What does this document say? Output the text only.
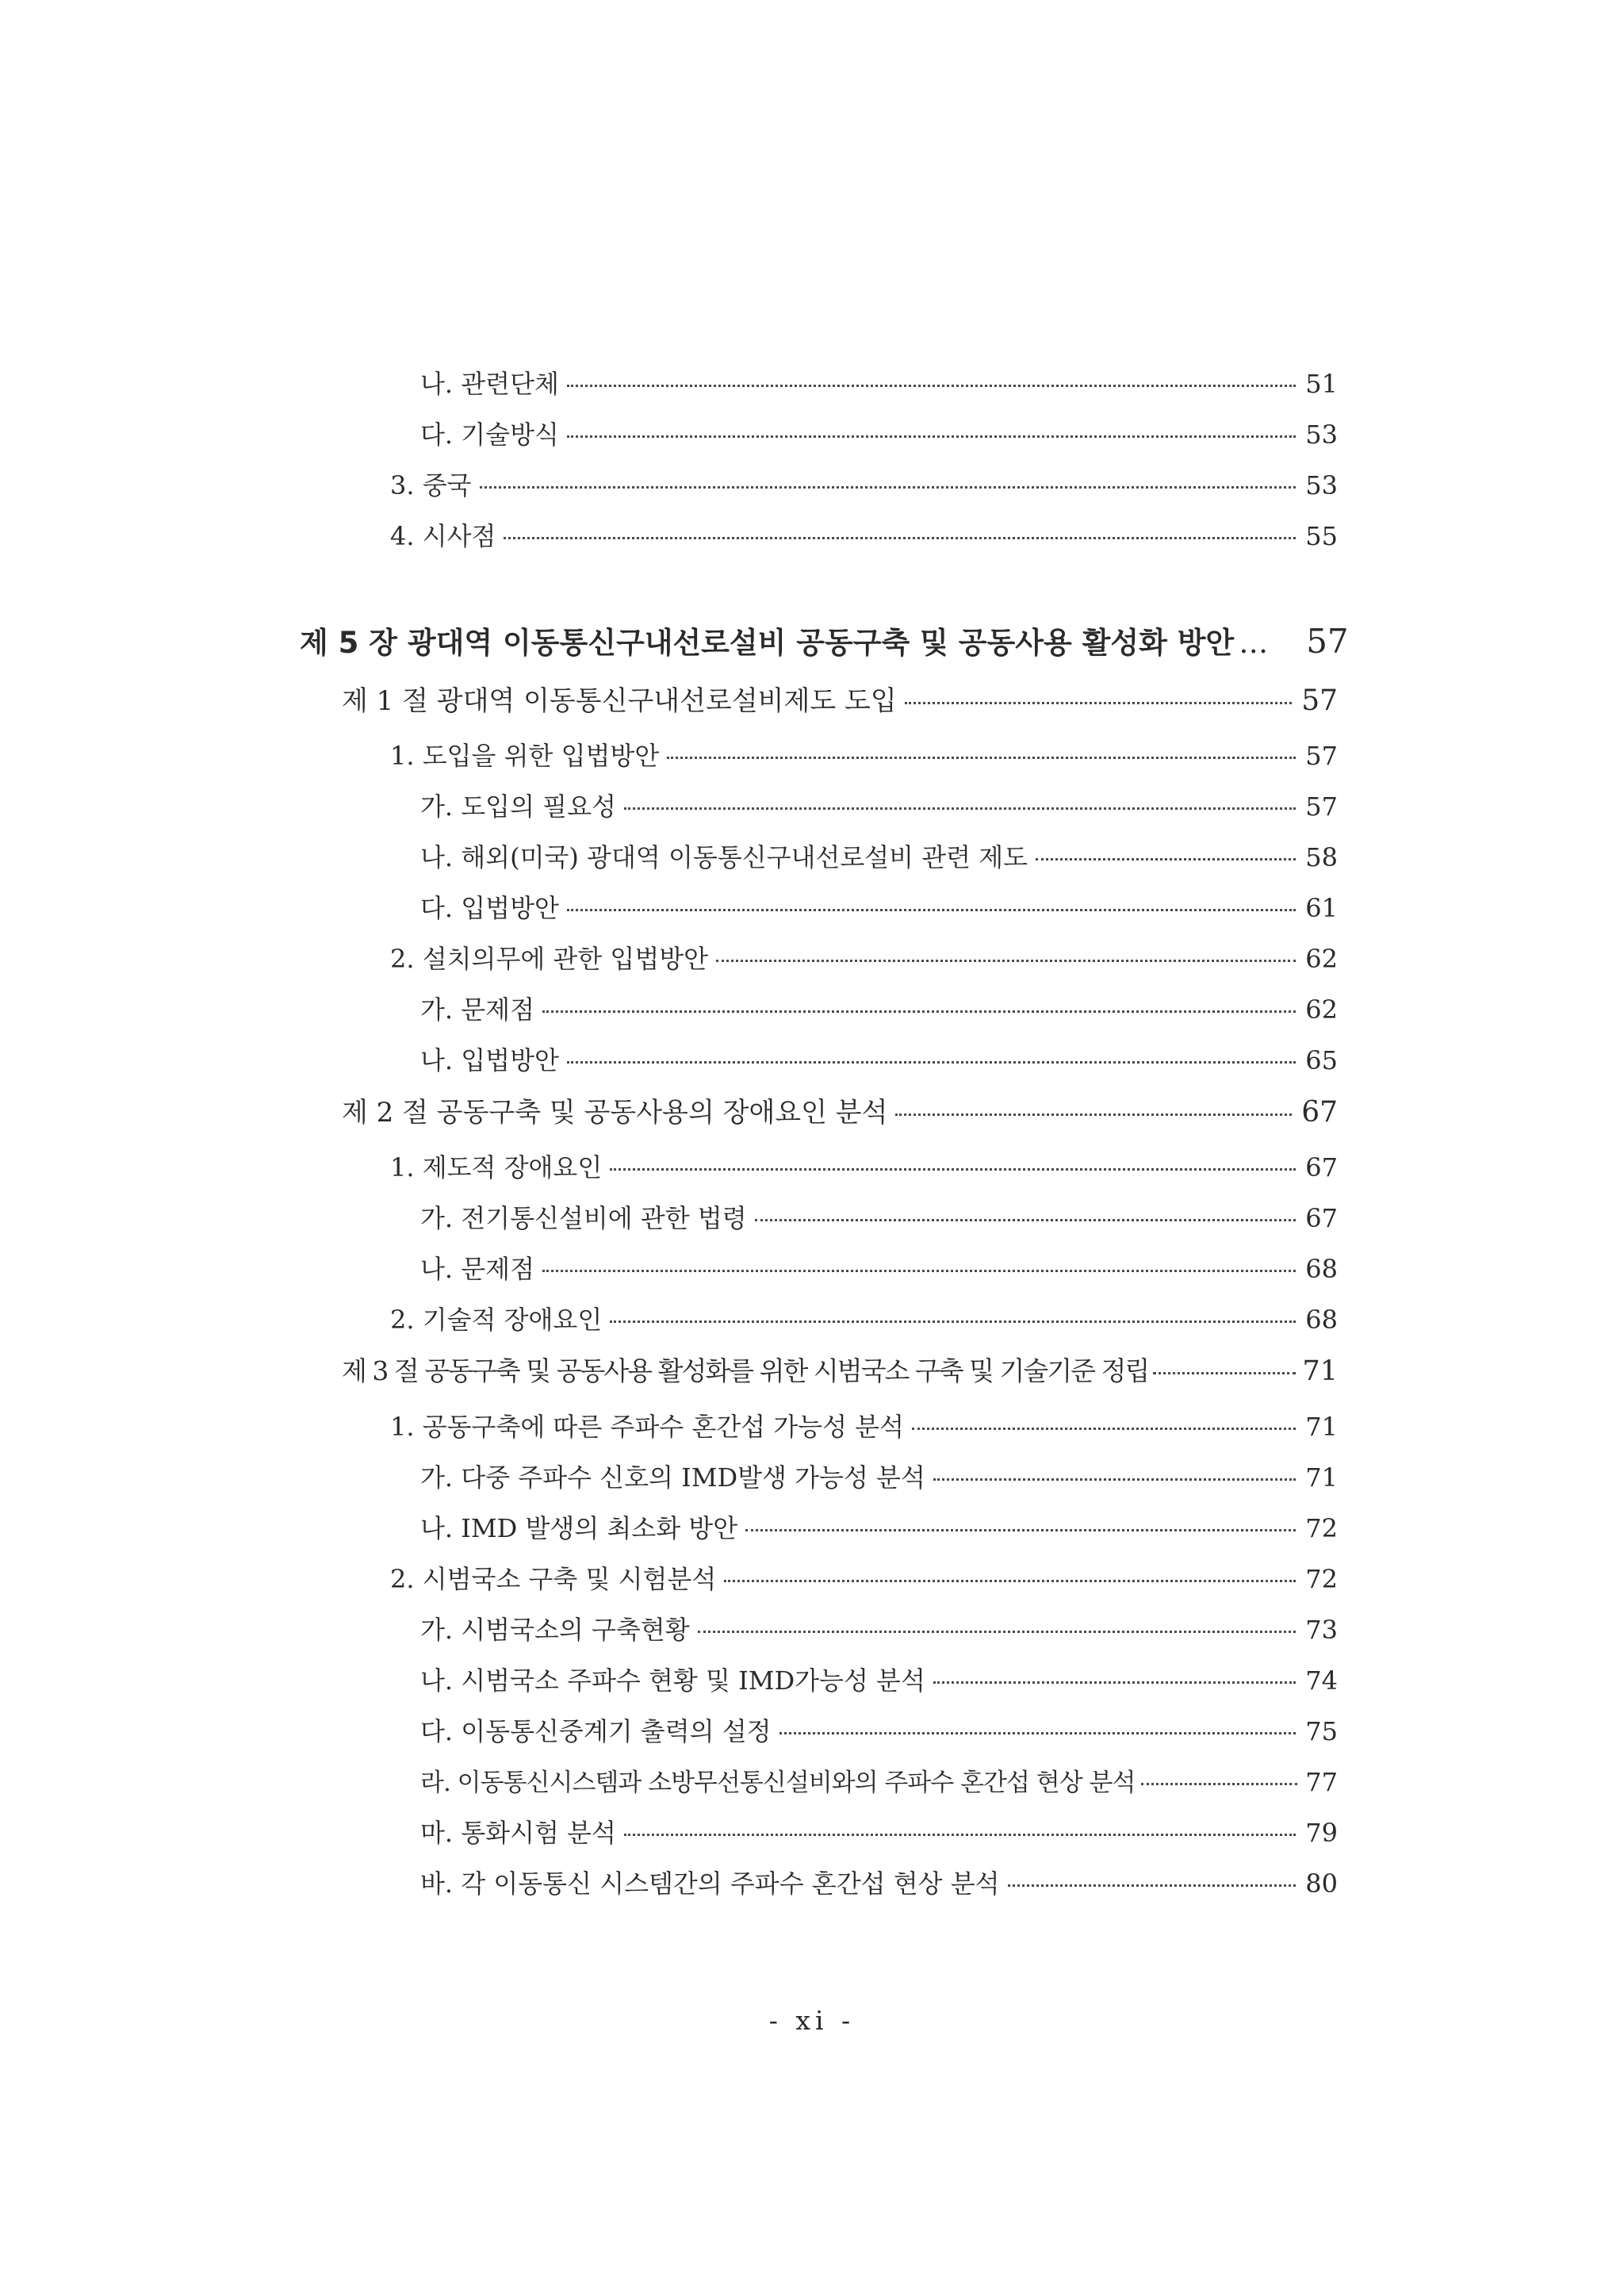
나. 관련단체	51
다. 기술방식	53
3. 중국	53
4. 시사점	55
제 5 장 광대역 이동통신구내선로설비 공동구축 및 공동사용 활성화 방안 … 57
제 1 절 광대역 이동통신구내선로설비제도 도입	57
1. 도입을 위한 입법방안	57
가. 도입의 필요성	57
나. 해외(미국) 광대역 이동통신구내선로설비 관련 제도	58
다. 입법방안	61
2. 설치의무에 관한 입법방안	62
가. 문제점	62
나. 입법방안	65
제 2 절 공동구축 및 공동사용의 장애요인 분석	67
1. 제도적 장애요인	67
가. 전기통신설비에 관한 법령	67
나. 문제점	68
2. 기술적 장애요인	68
제 3 절 공동구축 및 공동사용 활성화를 위한 시범국소 구축 및 기술기준 정립	71
1. 공동구축에 따른 주파수 혼간섭 가능성 분석	71
가. 다중 주파수 신호의 IMD발생 가능성 분석	71
나. IMD 발생의 최소화 방안	72
2. 시범국소 구축 및 시험분석	72
가. 시범국소의 구축현황	73
나. 시범국소 주파수 현황 및 IMD가능성 분석	74
다. 이동통신중계기 출력의 설정	75
라. 이동통신시스템과 소방무선통신설비와의 주파수 혼간섭 현상 분석	77
마. 통화시험 분석	79
바. 각 이동통신 시스템간의 주파수 혼간섭 현상 분석	80
- xi -
